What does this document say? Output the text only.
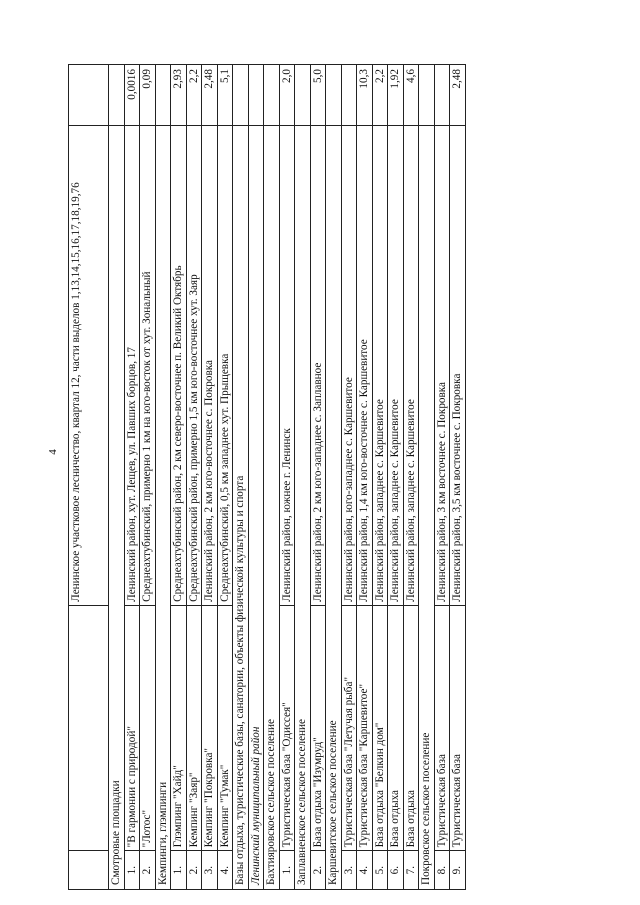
4
		Ленинское участковое лесничество, квартал 12, части выделов 1,13,14,15,16,17,18,19,76	
Смотровые площадки			
1.	"В гармонии с природой"	Ленинский район, хут. Лещев, ул. Павших борцов, 17	0,0016
2.	"Лотос"	Среднеахтубинский, примерно 1 км на юго-восток от хут. Зональный	0,09
Кемпинги, глэмпинги			
1.	Глэмпинг "Хайд"	Среднеахтубинский район, 2 км северо-восточнее п. Великий Октябрь	2,93
2.	Кемпинг "Заяр"	Среднеахтубинский район, примерно 1,5 км юго-восточнее хут. Заяр	2,2
3.	Кемпинг "Покровка"	Ленинский район, 2 км юго-восточнее с. Покровка	2,48
4.	Кемпинг "Тумак"	Среднеахтубинский, 0,5 км западнее хут. Прыщевка	5,1
Базы отдыха, туристические базы, санатории, объекты физической культуры и спорта			
Ленинский муниципальный район			
Бахтияровское сельское поселение			
1.	Туристическая база "Одиссея"	Ленинский район, южнее г. Ленинск	2,0
Заплавненское сельское поселение			
2.	База отдыха "Изумруд"	Ленинский район, 2 км юго-западнее с. Заплавное	5,0
Каршевитское сельское поселение			
3.	Туристическая база "Летучая рыба"	Ленинский район, юго-западнее с. Каршевитое	
4.	Туристическая база "Каршевитое"	Ленинский район, 1,4 км юго-восточнее с. Каршевитое	10,3
5.	База отдыха "Белкин дом"	Ленинский район, западнее с. Каршевитое	2,2
6.	База отдыха	Ленинский район, западнее с. Каршевитое	1,92
7.	База отдыха	Ленинский район, западнее с. Каршевитое	4,6
Покровское сельское поселение			
8.	Туристическая база	Ленинский район, 3 км восточнее с. Покровка	
9.	Туристическая база	Ленинский район, 3,5 км восточнее с. Покровка	2,48
